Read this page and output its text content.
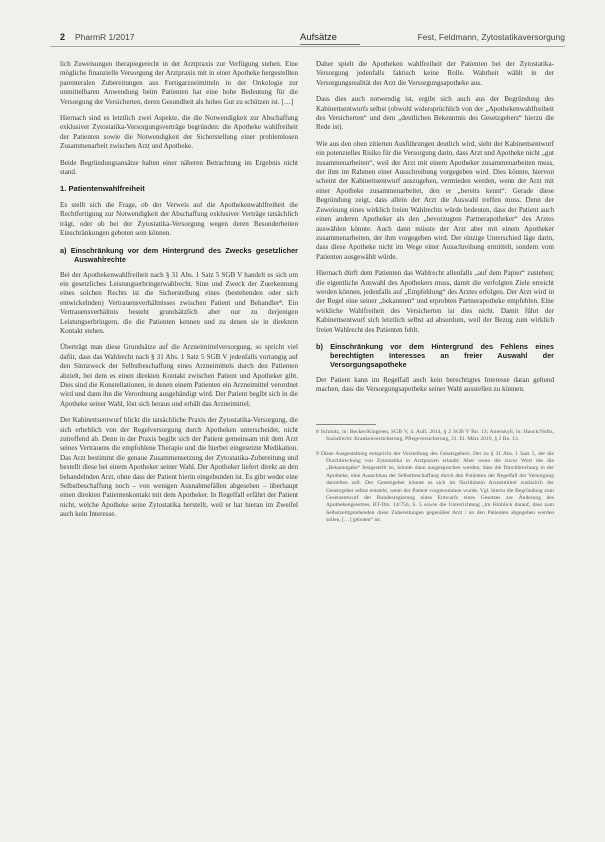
2 PharmR 1/2017	Aufsätze	Fest, Feldmann, Zytostatikaversorgung

lich Zuweisungen therapiegerecht in der Arztpraxis zur Verfügung stehen. Eine mögliche finanzielle Versorgung der Arztpraxis mit in einer Apotheke hergestellten parenteralen Zubereitungen aus Fertigarzneimitteln in der Onkologie zur unmittelbaren Anwendung beim Patienten hat eine hohe Bedeutung für die Versorgung der Versicherten, deren Gesundheit als hohes Gut zu schützen ist. […]

Hiernach sind es letztlich zwei Aspekte, die die Notwendigkeit zur Abschaffung exklusiver Zytostatika-Versorgungsverträge begründen: die Apotheke wahlfreiheit der Patienten sowie die Notwendigkeit der Sicherstellung einer problemlosen Zusammenarbeit zwischen Arzt und Apotheke.

Beide Begründungsansätze halten einer näheren Betrachtung im Ergebnis nicht stand.

1. Patientenwahlfreiheit

Es stellt sich die Frage, ob der Verweis auf die Apothekenwahlfreiheit die Rechtfertigung zur Notwendigkeit der Abschaffung exklusiver Verträge tatsächlich trägt, oder ob bei der Zytostatika-Versorgung wegen deren Besonderheiten Einschränkungen geboten sein können.

a) Einschränkung vor dem Hintergrund des Zwecks gesetzlicher Auswahlrechte

Bei der Apothekenwahlfreiheit nach § 31 Abs. 1 Satz 5 SGB V handelt es sich um ein gesetzliches Leistungserbringerwahlrecht. Sinn und Zweck der Zuerkennung eines solchen Rechts ist die Sicherstellung eines (bestehenden oder sich entwickelnden) Vertrauensverhältnisses zwischen Patient und Behandler⁸. Ein Vertrauensverhältnis besteht grundsätzlich aber nur zu derjenigen Leistungserbringern, die die Patienten kennen und zu denen sie in direktem Kontakt stehen.

Überträgt man diese Grundsätze auf die Arzneimittelversorgung, so spricht viel dafür, dass das Wahlrecht nach § 31 Abs. 1 Satz 5 SGB V jedenfalls vorrangig auf den Sinnzweck der Selbstbeschaffung eines Arzneimittels durch den Patienten abzielt, bei dem es einen direkten Kontakt zwischen Patient und Apotheker gibt. Dies sind die Konstellationen, in denen einem Patienten ein Arzneimittel verordnet wird und dann ihn die Verordnung ausgehändigt wird. Der Patient begibt sich in die Apotheke seiner Wahl, löst sich heraus und erhält das Arzneimittel.

Der Kabinettsentwurf blickt die tatsächliche Praxis der Zytostatika-Versorgung, die sich erheblich von der Regelversorgung durch Apotheken unterscheidet, nicht zutreffend ab. Denn in der Praxis begibt sich der Patient gemeinsam mit dem Arzt seines Vertrauens die empfohlene Therapie und die hierbei eingesetzte Medikation. Das Arzt bestimmt die genaue Zusammensetzung der Zytostatika-Zubereitung und bestellt diese bei einem Apotheker seiner Wahl. Der Apotheker liefert direkt an den behandelnden Arzt, ohne dass der Patient hierin eingebunden ist. Es gibt weder eine Selbstbeschaffung noch – von wenigen Ausnahmefällen abgesehen – überhaupt einen direkten Patientenkontakt mit dem Apotheker. In Regelfall erfährt der Patient nicht, welche Apotheke seine Zytostatika herstellt, weil er hat hieran im Zweifel auch kein Interesse.

Daher spielt die Apotheken wahlfreiheit der Patienten bei der Zytostatika-Versorgung jedenfalls faktisch keine Rolle. Wahrheit wählt in der Versorgungsrealität der Arzt die Versorgungsapotheke aus.

Dass dies auch notwendig ist, ergibt sich auch aus der Begründung des Kabinettsentwurfs selbst (obwohl widersprüchlich von der „Apothekenwahlfreiheit des Versicherten“ und dem „deutlichen Bekenntnis des Gesetzgebers“ hierzu die Rede ist).

Wie aus den oben zitierten Ausführungen deutlich wird, sieht der Kabinettsentwurf ein potenzielles Risiko für die Versorgung darin, dass Arzt und Apotheke nicht „gut zusammenarbeiten“, weil der Arzt mit einem Apotheker zusammenarbeiten muss, der ihm im Rahmen einer Ausschreibung vorgegeben wird. Dies könnte, hiervon scheint der Kabinettsentwurf auszugehen, vermieden werden, wenn der Arzt mit einer Apotheke zusammenarbeitet, den er „bereits kennt“. Gerade diese Begründung zeigt, dass allein der Arzt die Auswahl treffen muss. Denn der Zuweisung eines wirklich freien Wahlrechts würde bedeuten, dass der Patient auch einen anderen Apotheker als den „bevorzugten Partnerapotheker“ des Arztes auswählen könnte. Auch dann müsste der Arzt aber mit einem Apotheker zusammenarbeiten, der ihm vorgegeben wird. Der einzige Unterschied läge darin, dass diese Apotheke nicht im Wege einer Ausschreibung ermittelt, sondern vom Patienten ausgewählt würde.

Hiernach dürft dem Patienten das Wahlrecht allenfalls „auf dem Papier“ zustehen; die eigentliche Auswahl des Apothekers muss, damit die verfolgten Ziele erreicht werden können, jedenfalls auf „Empfehlung“ des Arztes erfolgen. Der Arzt wird in der Regel eine seiner „bekannten“ und erprobten Partnerapotheke empfehlen. Eine wirkliche Wahlfreiheit des Versicherten ist dies nicht. Damit führt der Kabinettsentwurf sich letztlich selbst ad absurdum, weil der Bezug zum wirklich freien Wahlrecht des Patienten fehlt.

b) Einschränkung vor dem Hintergrund des Fehlens eines berechtigten Interesses an freier Auswahl der Versorgungsapotheke

Der Patient kann im Regelfall auch kein berechtigtes Interesse daran geltend machen, dass die Versorgungsapotheke seiner Wahl ausstellen zu können.

8 Schmitz, in: Becker/Kingreen, SGB V, 4. Aufl. 2014, § 2 SGB V Rn. 13; Ameiskyll, in: Hauck/Noftz, Sozialrecht: Krankenversicherung, Pflegeversicherung, 31. El. März 2016, § 2 Rn. 13.

9 Diese Ausgestaltung entspricht der Vorstellung des Gesetzgebers. Der zu § 31 Abs. 1 Satz 5, der die Durchbrechung von Zytostatika in Arztpraxen erlaubt: Aber wenn die zuvor Wort des die „Bekanntgabe“ festgestellt ist, könnte dann ausgesprochen werden, dass die Durchbrechung in der Apotheke, eine Ausschluss der Selbstbeschaffung durch den Patienten der Regelfall der Versorgung darstellen soll. Der Gesetzgeber könnte es sich im Nachhinein Arzneimittel zusätzlich der Gesetzgeber selbst entsteht, wenn der Patient vorgenommen wurde. Vgl. hierzu die Begründung zum Gesetzentwurf der Bundesregierung eines Entwurfs eines Gesetzes zur Änderung des Apothekengesetzes, BT-Drs. 14/756, S. 5 sowie die Unterrichtung „im Hinblick darauf, dass zum Selbstzeitigstehenden diese Zubereitungen gegenüber Arzt / an den Patienten abgegeben werden sollen, […] geboten“ ist.
